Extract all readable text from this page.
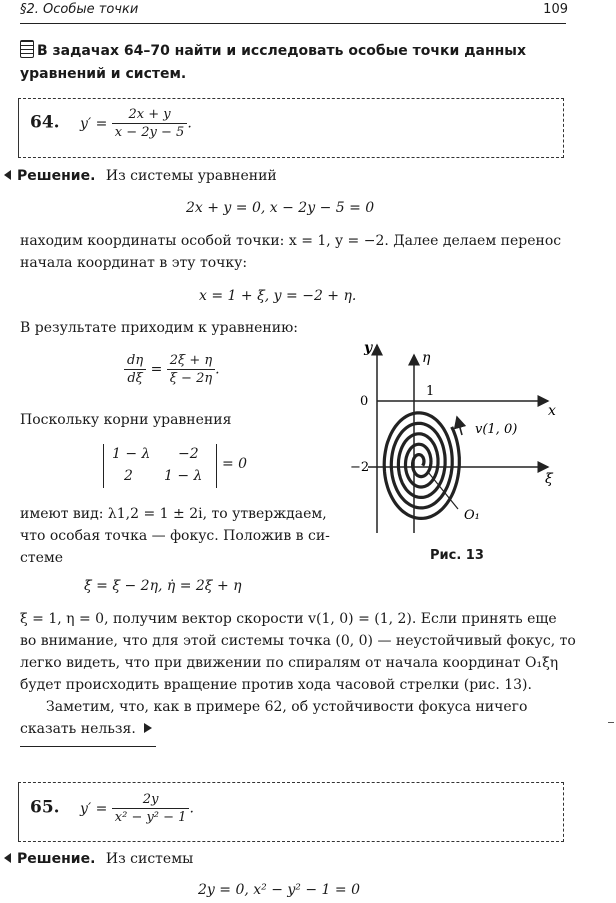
§2. Особые точки	109
В задачах 64–70 найти и исследовать особые точки данных уравнений и систем.
64. $y' = \frac{2x + y}{x - 2y - 5}$ .
Решение. Из системы уравнений
2x + y = 0, x − 2y − 5 = 0
находим координаты особой точки: x = 1, y = −2. Далее делаем перенос
начала координат в эту точку:
x = 1 + ξ, y = −2 + η.
В результате приходим к уравнению:
$\frac{d\eta}{d\xi} = \frac{2\xi + \eta}{\xi - 2\eta}$ .
Поскольку корни уравнения
1 − λ −2
2 1 − λ
= 0
имеют вид: λ1,2 = 1 ± 2i, то утверждаем,
что особая точка — фокус. Положив в си-
стеме
ξ̇ = ξ − 2η, η̇ = 2ξ + η
ξ = 1, η = 0, получим вектор скорости v(1, 0) = (1, 2). Если принять еще
во внимание, что для этой системы точка (0, 0) — неустойчивый фокус, то
легко видеть, что при движении по спиралям от начала координат O₁ξη
будет происходить вращение против хода часовой стрелки (рис. 13).
Заметим, что, как в примере 62, об устойчивости фокуса ничего
сказать нельзя.
y
η
x
ξ
0
1
−2
v(1, 0)
O₁
Рис. 13
65. $y' = \frac{2y}{\text{x² − y² − 1}}$ .
Решение. Из системы
2y = 0, x² − y² − 1 = 0
